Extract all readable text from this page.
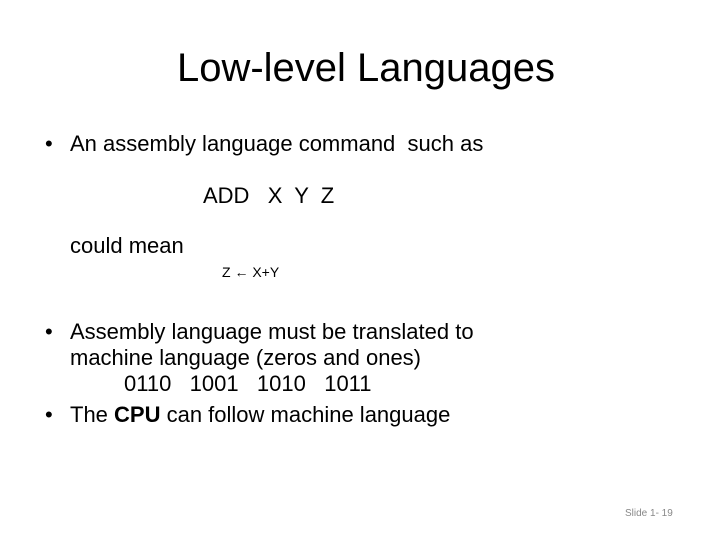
Low-level Languages
• An assembly language command  such as
ADD   X  Y  Z
could mean
Z ← X+Y
• Assembly language must be translated to
machine language (zeros and ones)
0110   1001   1010   1011
• The CPU can follow machine language
Slide 1- 19
